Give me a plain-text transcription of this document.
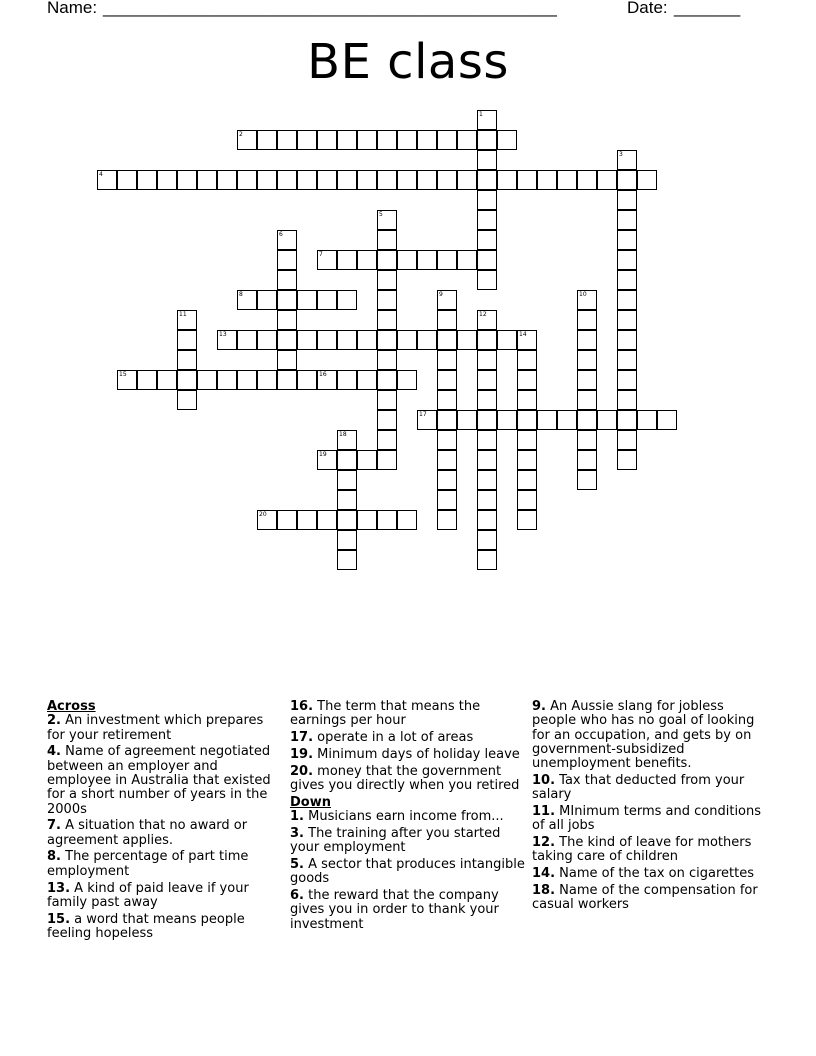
Name: ________________________________________________	Date: _______
BE class
1
2
3
4
5
6
7
8	9	10
11	12
13	14
15	16
17
18
19
20
Across
2. An investment which prepares for your retirement
4. Name of agreement negotiated between an employer and employee in Australia that existed for a short number of years in the 2000s
7. A situation that no award or agreement applies.
8. The percentage of part time employment
13. A kind of paid leave if your family past away
15. a word that means people feeling hopeless
16. The term that means the earnings per hour
17. operate in a lot of areas
19. Minimum days of holiday leave
20. money that the government gives you directly when you retired
Down
1. Musicians earn income from...
3. The training after you started your employment
5. A sector that produces intangible goods
6. the reward that the company gives you in order to thank your investment
9. An Aussie slang for jobless people who has no goal of looking for an occupation, and gets by on government-subsidized unemployment benefits.
10. Tax that deducted from your salary
11. MInimum terms and conditions of all jobs
12. The kind of leave for mothers taking care of children
14. Name of the tax on cigarettes
18. Name of the compensation for casual workers
